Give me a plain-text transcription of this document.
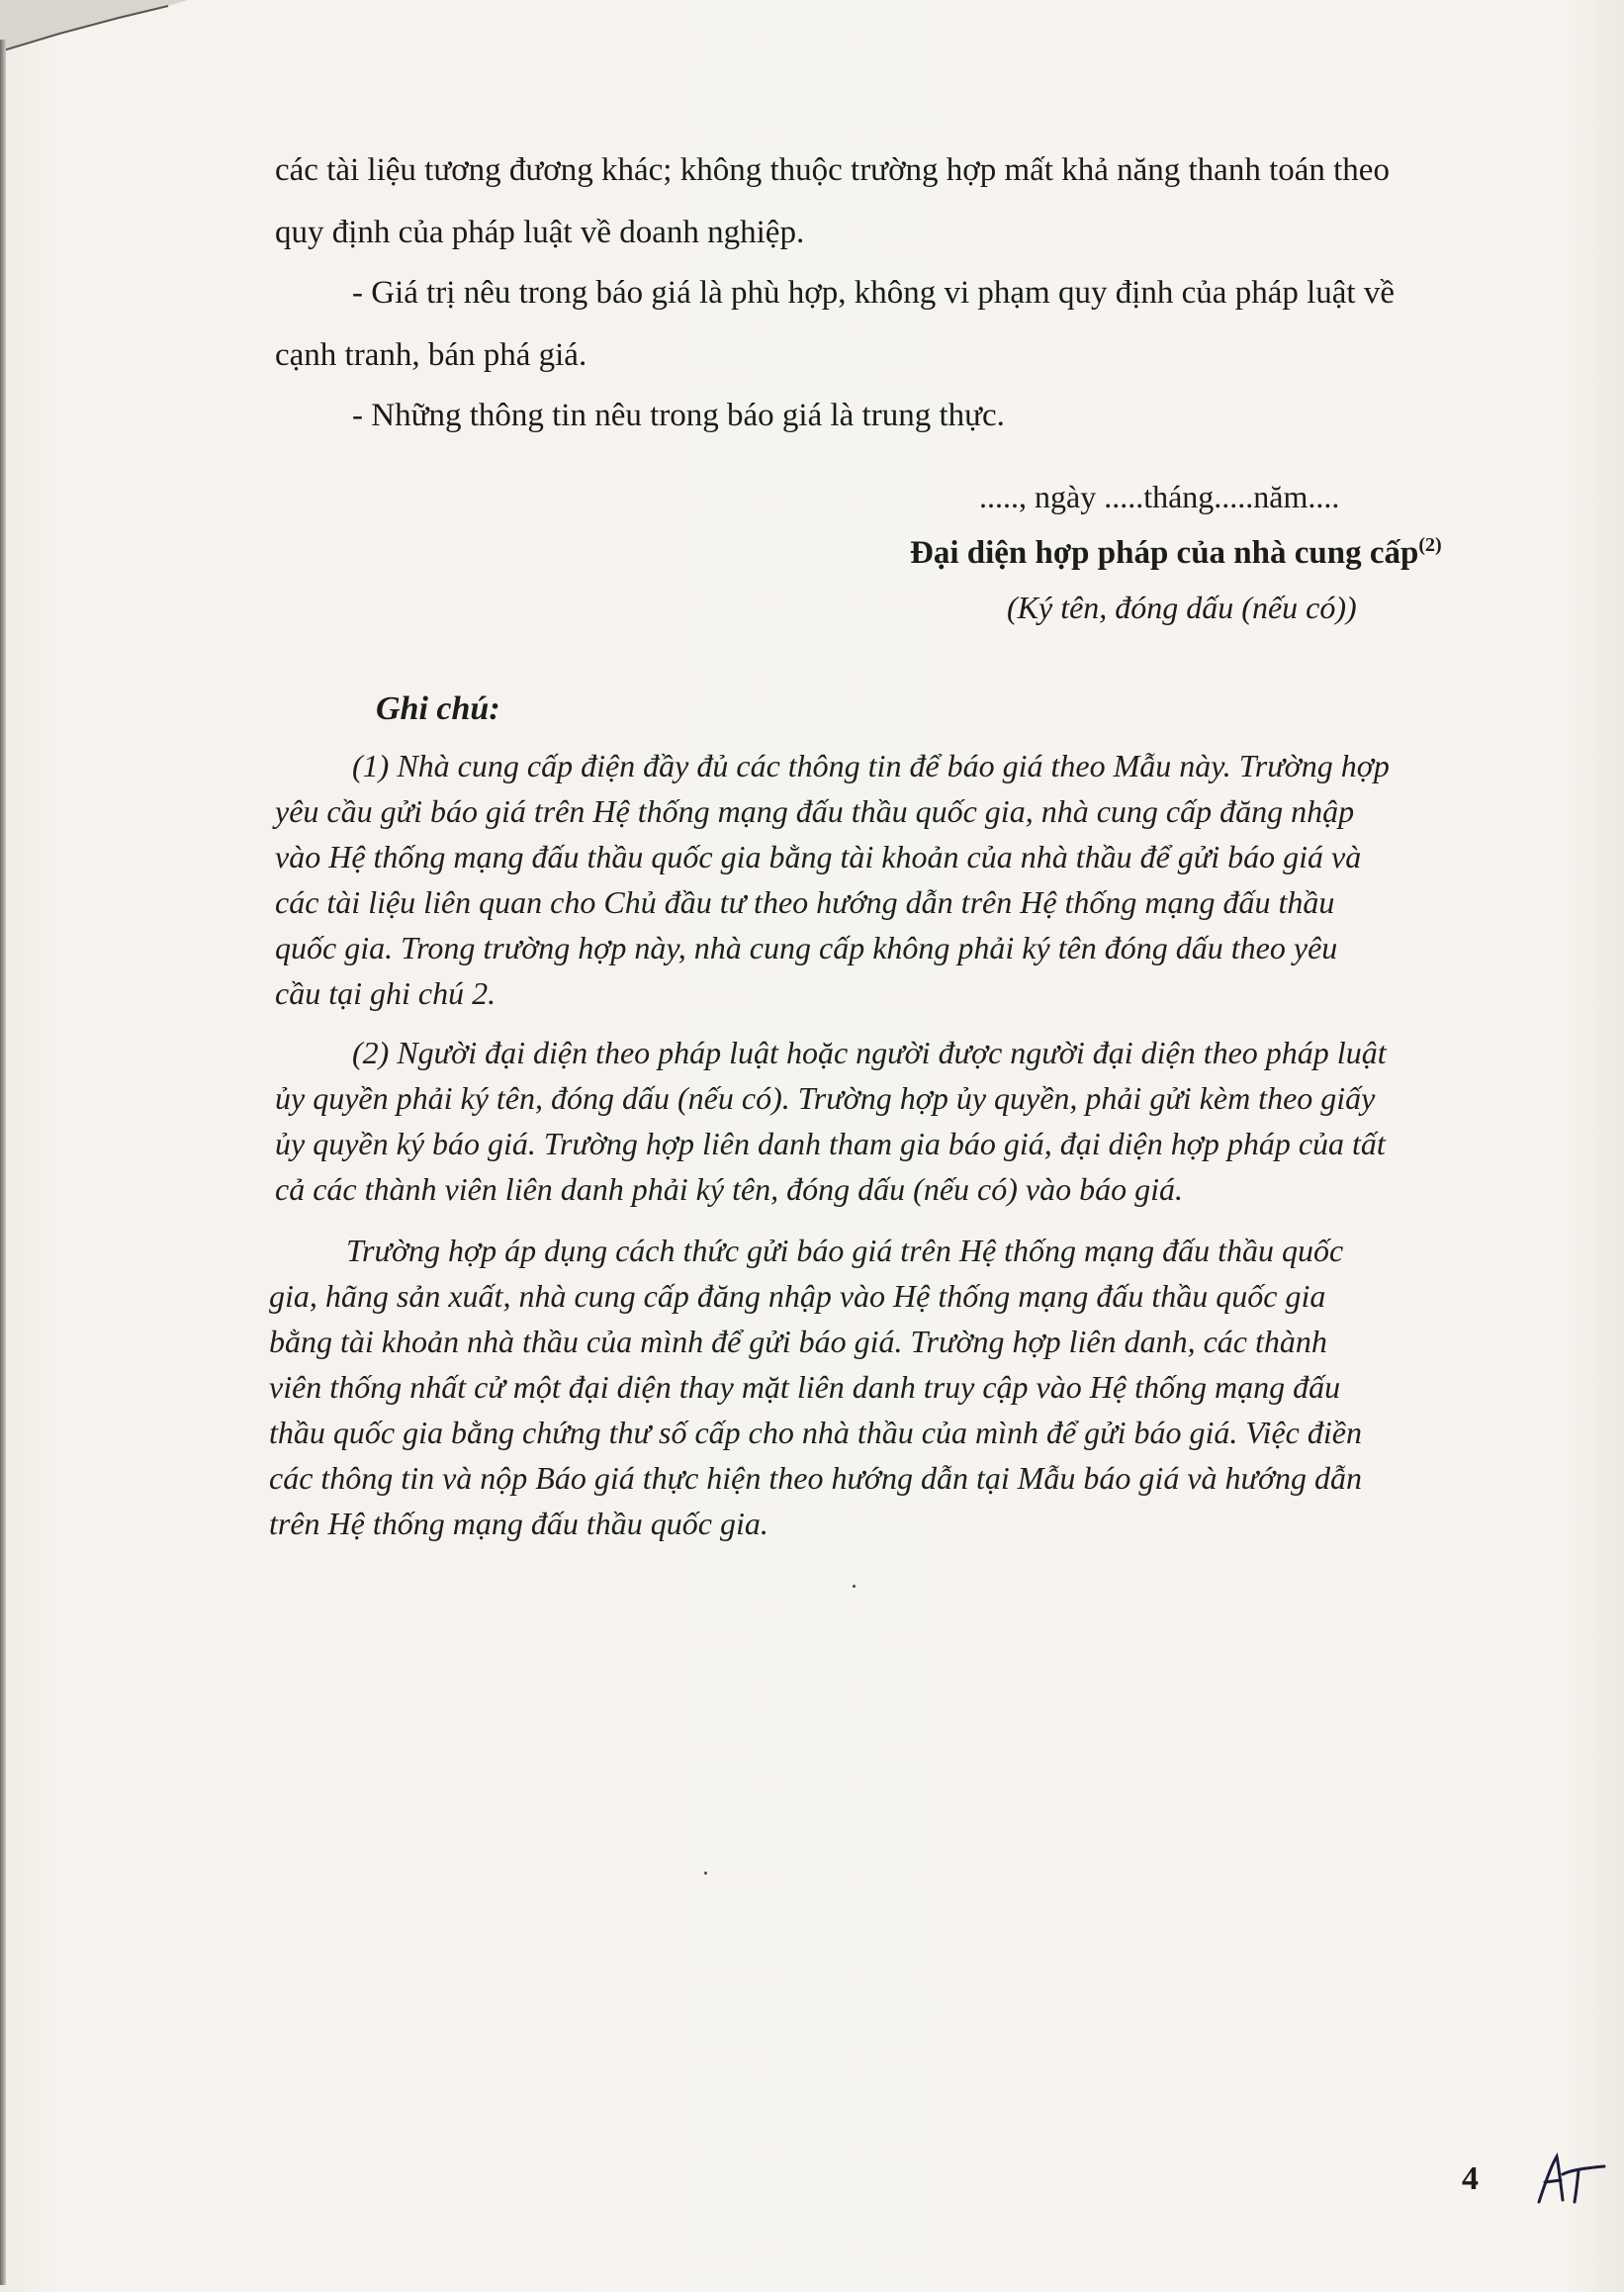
các tài liệu tương đương khác; không thuộc trường hợp mất khả năng thanh toán theo
quy định của pháp luật về doanh nghiệp.
- Giá trị nêu trong báo giá là phù hợp, không vi phạm quy định của pháp luật về
cạnh tranh, bán phá giá.
- Những thông tin nêu trong báo giá là trung thực.
....., ngày .....tháng.....năm....
Đại diện hợp pháp của nhà cung cấp$^{(2)}$
(Ký tên, đóng dấu (nếu có))
Ghi chú:
(1) Nhà cung cấp điện đầy đủ các thông tin để báo giá theo Mẫu này. Trường hợp
yêu cầu gửi báo giá trên Hệ thống mạng đấu thầu quốc gia, nhà cung cấp đăng nhập
vào Hệ thống mạng đấu thầu quốc gia bằng tài khoản của nhà thầu để gửi báo giá và
các tài liệu liên quan cho Chủ đầu tư theo hướng dẫn trên Hệ thống mạng đấu thầu
quốc gia. Trong trường hợp này, nhà cung cấp không phải ký tên đóng dấu theo yêu
cầu tại ghi chú 2.
(2) Người đại diện theo pháp luật hoặc người được người đại diện theo pháp luật
ủy quyền phải ký tên, đóng dấu (nếu có). Trường hợp ủy quyền, phải gửi kèm theo giấy
ủy quyền ký báo giá. Trường hợp liên danh tham gia báo giá, đại diện hợp pháp của tất
cả các thành viên liên danh phải ký tên, đóng dấu (nếu có) vào báo giá.
Trường hợp áp dụng cách thức gửi báo giá trên Hệ thống mạng đấu thầu quốc
gia, hãng sản xuất, nhà cung cấp đăng nhập vào Hệ thống mạng đấu thầu quốc gia
bằng tài khoản nhà thầu của mình để gửi báo giá. Trường hợp liên danh, các thành
viên thống nhất cử một đại diện thay mặt liên danh truy cập vào Hệ thống mạng đấu
thầu quốc gia bằng chứng thư số cấp cho nhà thầu của mình để gửi báo giá. Việc điền
các thông tin và nộp Báo giá thực hiện theo hướng dẫn tại Mẫu báo giá và hướng dẫn
trên Hệ thống mạng đấu thầu quốc gia.
4
